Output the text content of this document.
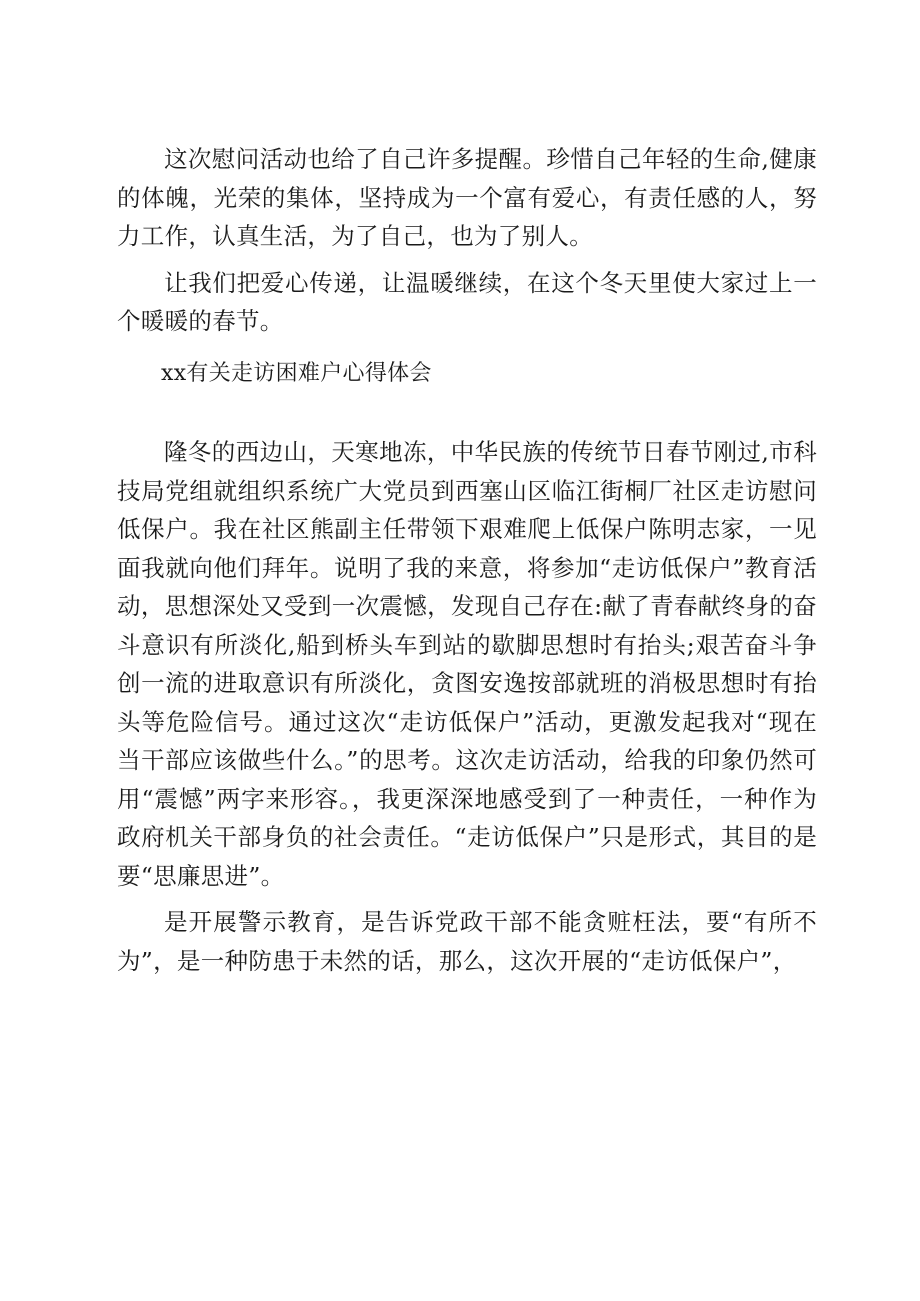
这次慰问活动也给了自己许多提醒。珍惜自己年轻的生命,健康的体魄，光荣的集体，坚持成为一个富有爱心，有责任感的人，努力工作，认真生活，为了自己，也为了别人。

让我们把爱心传递，让温暖继续，在这个冬天里使大家过上一个暖暖的春节。

xx有关走访困难户心得体会

隆冬的西边山，天寒地冻，中华民族的传统节日春节刚过,市科技局党组就组织系统广大党员到西塞山区临江街桐厂社区走访慰问低保户。我在社区熊副主任带领下艰难爬上低保户陈明志家，一见面我就向他们拜年。说明了我的来意，将参加“走访低保户”教育活动，思想深处又受到一次震憾，发现自己存在:献了青春献终身的奋斗意识有所淡化,船到桥头车到站的歇脚思想时有抬头;艰苦奋斗争创一流的进取意识有所淡化，贪图安逸按部就班的消极思想时有抬头等危险信号。通过这次“走访低保户”活动，更激发起我对“现在当干部应该做些什么。”的思考。这次走访活动，给我的印象仍然可用“震憾”两字来形容。，我更深深地感受到了一种责任，一种作为政府机关干部身负的社会责任。“走访低保户”只是形式，其目的是要“思廉思进”。

是开展警示教育，是告诉党政干部不能贪赃枉法，要“有所不为”，是一种防患于未然的话，那么，这次开展的“走访低保户”，
